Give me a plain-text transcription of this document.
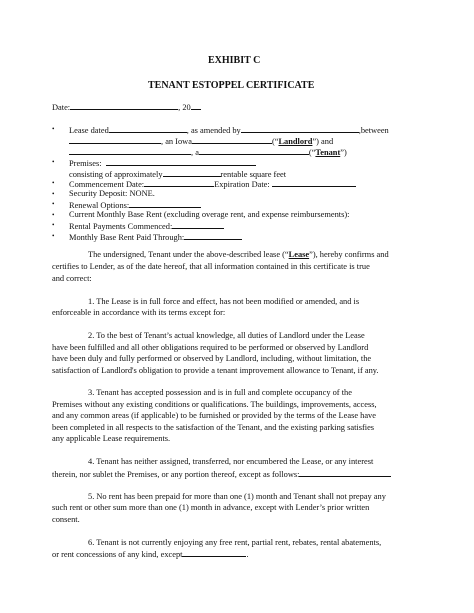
EXHIBIT C
TENANT ESTOPPEL CERTIFICATE
Date:	, 20
• Lease dated	, as amended by	,between
, an Iowa	(“Landlord”) and
, a	(“Tenant”)
• Premises:
consisting of approximately	rentable square feet
• Commencement Date:	Expiration Date:
• Security Deposit: NONE.
• Renewal Options:
• Current Monthly Base Rent (excluding overage rent, and expense reimbursements):
• Rental Payments Commenced:
• Monthly Base Rent Paid Through:
The undersigned, Tenant under the above-described lease (“Lease”), hereby confirms and
certifies to Lender, as of the date hereof, that all information contained in this certificate is true
and correct:
1. The Lease is in full force and effect, has not been modified or amended, and is
enforceable in accordance with its terms except for:
2. To the best of Tenant’s actual knowledge, all duties of Landlord under the Lease
have been fulfilled and all other obligations required to be performed or observed by Landlord
have been duly and fully performed or observed by Landlord, including, without limitation, the
satisfaction of Landlord's obligation to provide a tenant improvement allowance to Tenant, if any.
3. Tenant has accepted possession and is in full and complete occupancy of the
Premises without any existing conditions or qualifications. The buildings, improvements, access,
and any common areas (if applicable) to be furnished or provided by the terms of the Lease have
been completed in all respects to the satisfaction of the Tenant, and the existing parking satisfies
any applicable Lease requirements.
4. Tenant has neither assigned, transferred, nor encumbered the Lease, or any interest
therein, nor sublet the Premises, or any portion thereof, except as follows:
5. No rent has been prepaid for more than one (1) month and Tenant shall not prepay any
such rent or other sum more than one (1) month in advance, except with Lender’s prior written
consent.
6. Tenant is not currently enjoying any free rent, partial rent, rebates, rental abatements,
or rent concessions of any kind, except	.
